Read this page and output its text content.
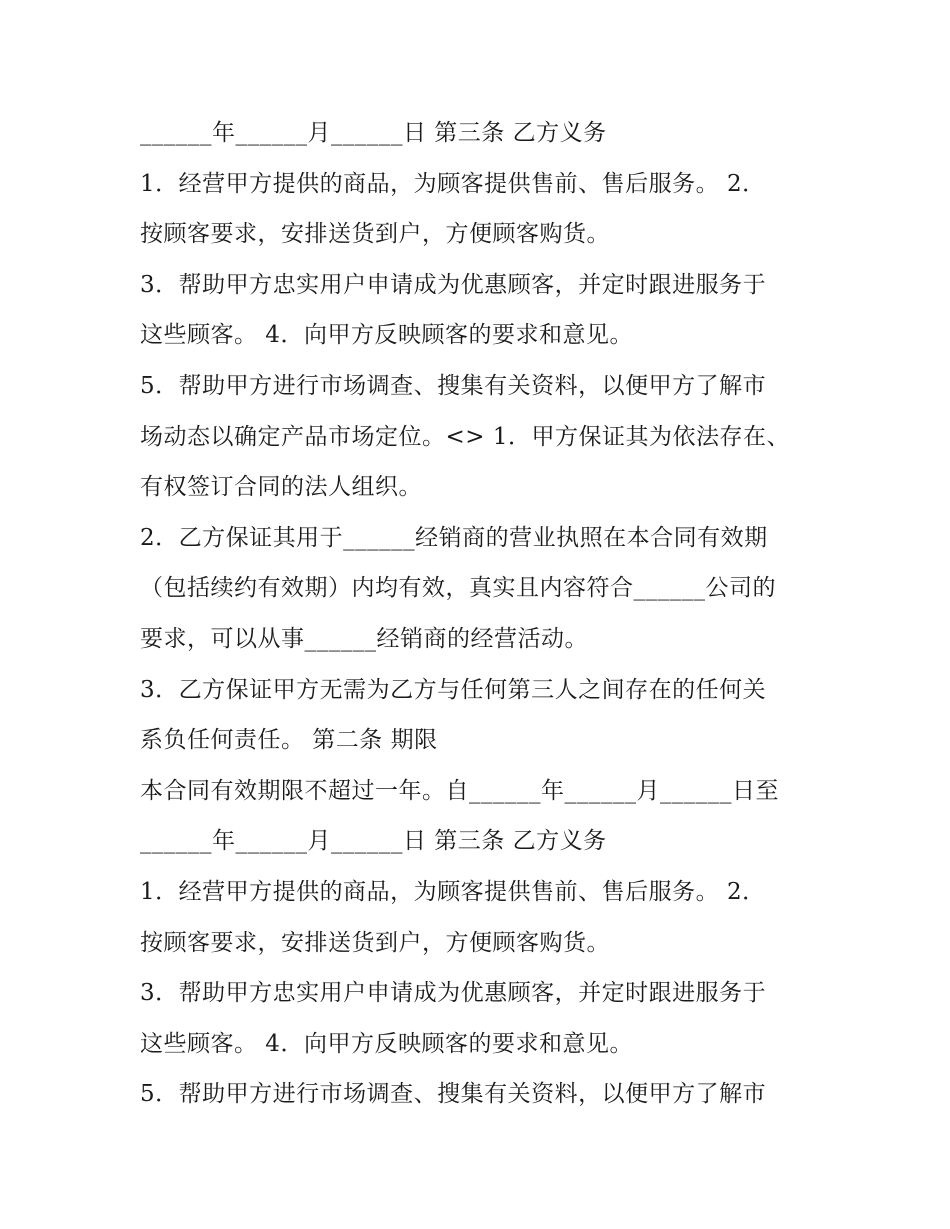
______年______月______日 第三条 乙方义务
1．经营甲方提供的商品，为顾客提供售前、售后服务。 2．
按顾客要求，安排送货到户，方便顾客购货。
3．帮助甲方忠实用户申请成为优惠顾客，并定时跟进服务于
这些顾客。 4．向甲方反映顾客的要求和意见。
5．帮助甲方进行市场调查、搜集有关资料，以便甲方了解市
场动态以确定产品市场定位。<> 1．甲方保证其为依法存在、
有权签订合同的法人组织。
2．乙方保证其用于______经销商的营业执照在本合同有效期
（包括续约有效期）内均有效，真实且内容符合______公司的
要求，可以从事______经销商的经营活动。
3．乙方保证甲方无需为乙方与任何第三人之间存在的任何关
系负任何责任。 第二条 期限
本合同有效期限不超过一年。自______年______月______日至
______年______月______日 第三条 乙方义务
1．经营甲方提供的商品，为顾客提供售前、售后服务。 2．
按顾客要求，安排送货到户，方便顾客购货。
3．帮助甲方忠实用户申请成为优惠顾客，并定时跟进服务于
这些顾客。 4．向甲方反映顾客的要求和意见。
5．帮助甲方进行市场调查、搜集有关资料，以便甲方了解市
